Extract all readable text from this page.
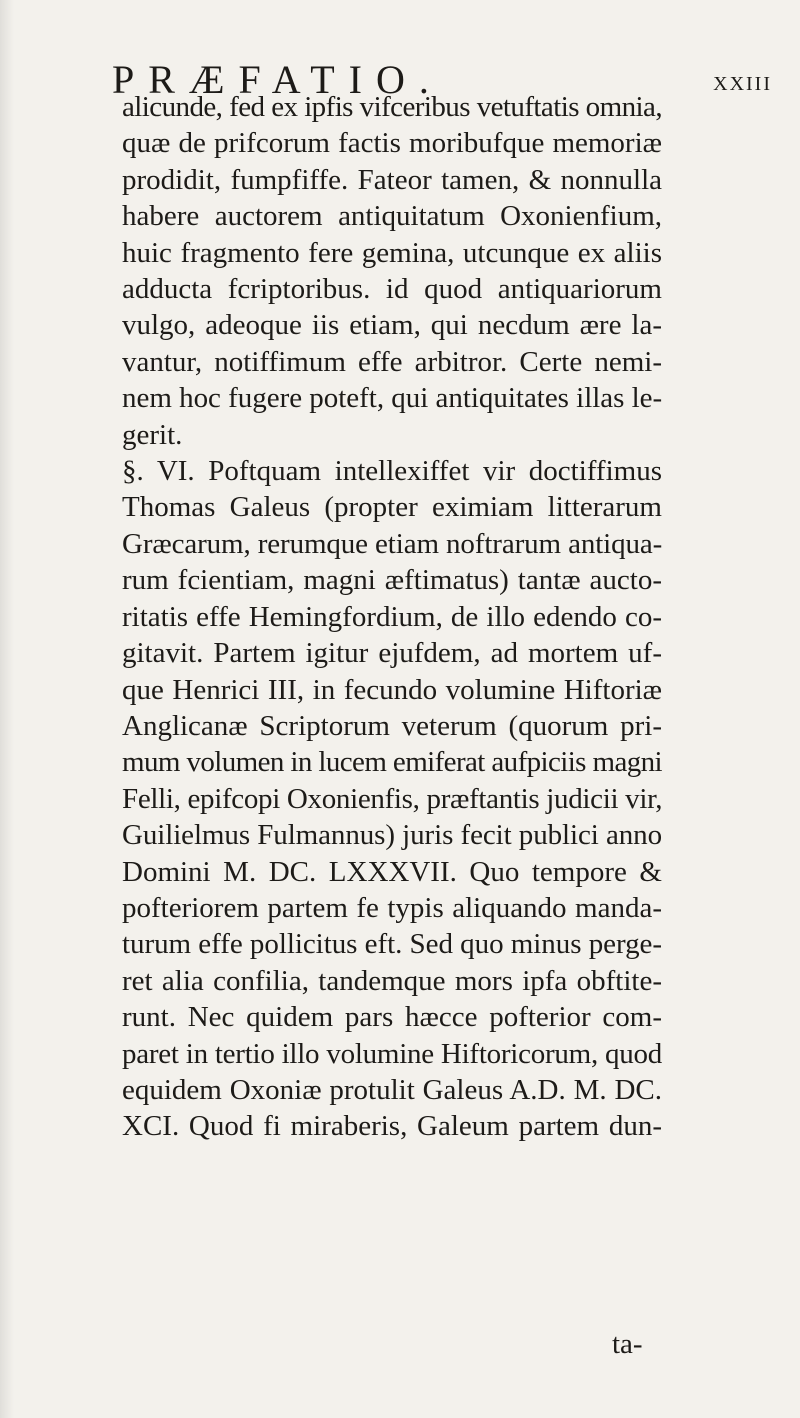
PRÆFATIO.	XXIII
alicunde, fed ex ipfis vifceribus vetuftatis omnia,
quæ de prifcorum factis moribufque memoriæ
prodidit, fumpfiffe. Fateor tamen, & nonnulla
habere auctorem antiquitatum Oxonienfium,
huic fragmento fere gemina, utcunque ex aliis
adducta fcriptoribus. id quod antiquariorum
vulgo, adeoque iis etiam, qui necdum ære la-
vantur, notiffimum effe arbitror. Certe nemi-
nem hoc fugere poteft, qui antiquitates illas le-
gerit.
§. VI. Poftquam intellexiffet vir doctiffimus
Thomas Galeus (propter eximiam litterarum
Græcarum, rerumque etiam noftrarum antiqua-
rum fcientiam, magni æftimatus) tantæ aucto-
ritatis effe Hemingfordium, de illo edendo co-
gitavit. Partem igitur ejufdem, ad mortem uf-
que Henrici III, in fecundo volumine Hiftoriæ
Anglicanæ Scriptorum veterum (quorum pri-
mum volumen in lucem emiferat aufpiciis magni
Felli, epifcopi Oxonienfis, præftantis judicii vir,
Guilielmus Fulmannus) juris fecit publici anno
Domini M. DC. LXXXVII. Quo tempore &
pofteriorem partem fe typis aliquando manda-
turum effe pollicitus eft. Sed quo minus perge-
ret alia confilia, tandemque mors ipfa obftite-
runt. Nec quidem pars hæcce pofterior com-
paret in tertio illo volumine Hiftoricorum, quod
equidem Oxoniæ protulit Galeus A.D. M. DC.
XCI. Quod fi miraberis, Galeum partem dun-
ta-
